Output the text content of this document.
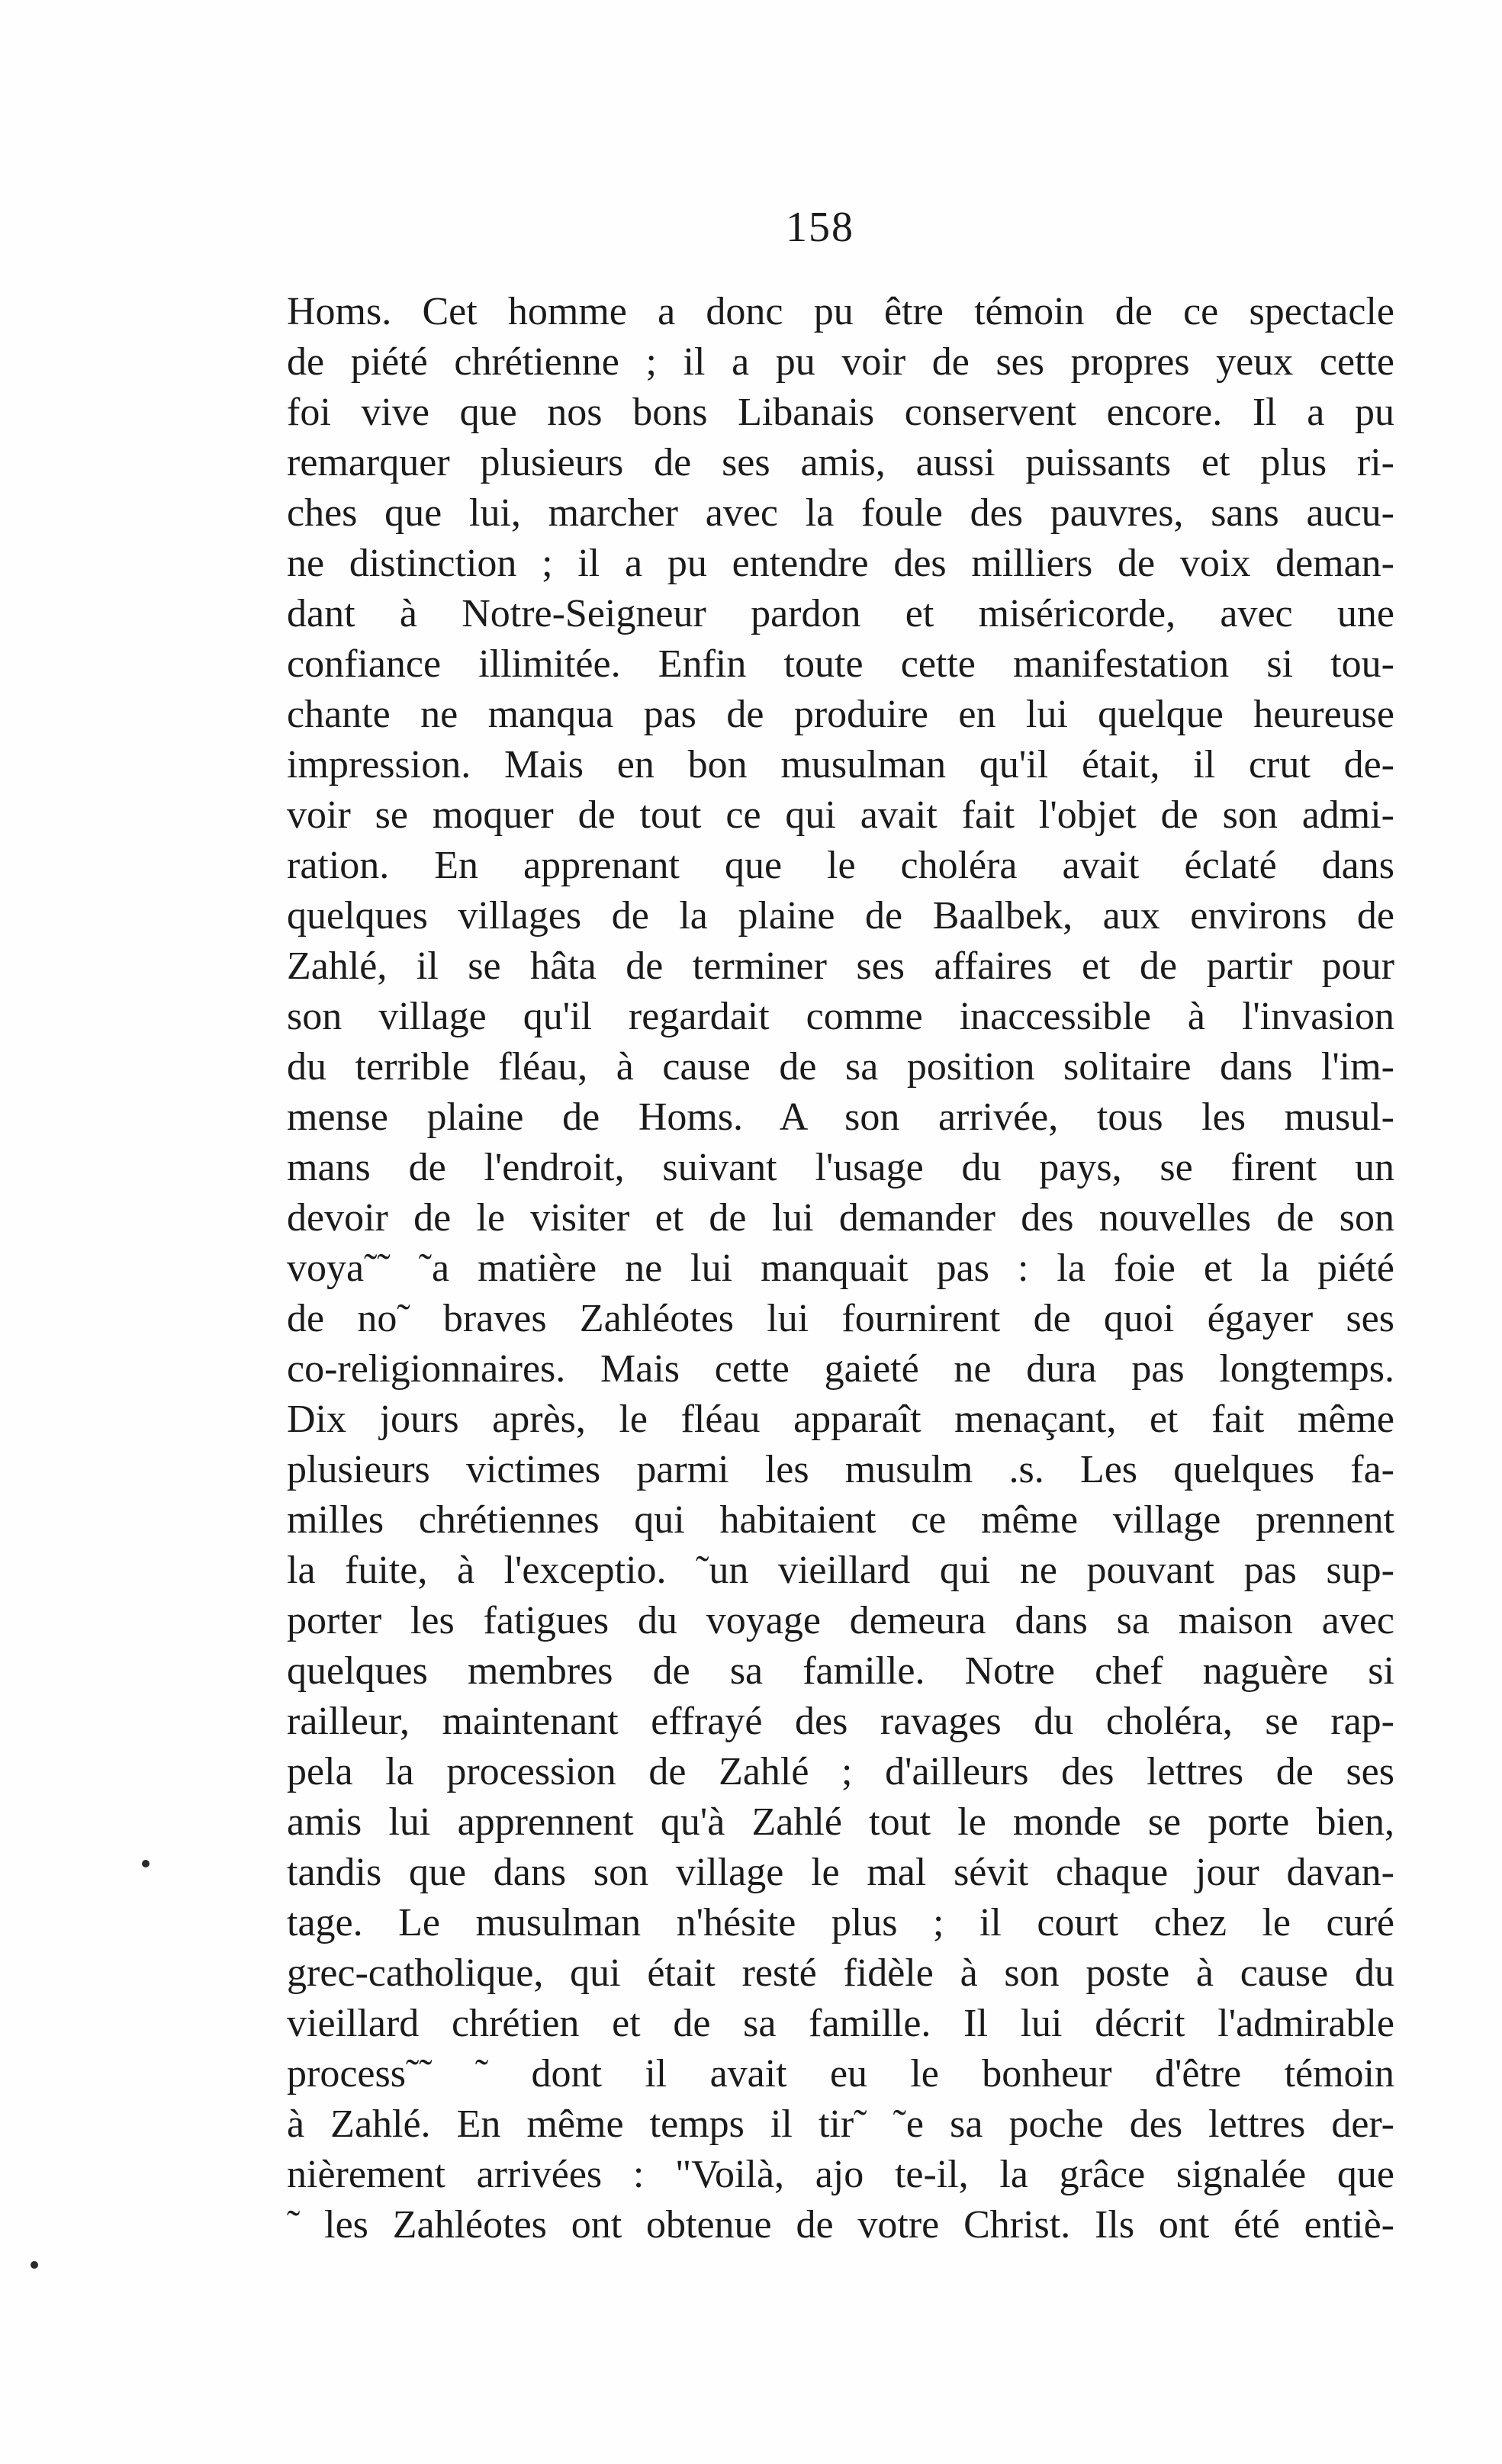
158
Homs. Cet homme a donc pu être témoin de ce spectacle
de piété chrétienne ; il a pu voir de ses propres yeux cette
foi vive que nos bons Libanais conservent encore. Il a pu
remarquer plusieurs de ses amis, aussi puissants et plus ri-
ches que lui, marcher avec la foule des pauvres, sans aucu-
ne distinction ; il a pu entendre des milliers de voix deman-
dant à Notre-Seigneur pardon et miséricorde, avec une
confiance illimitée. Enfin toute cette manifestation si tou-
chante ne manqua pas de produire en lui quelque heureuse
impression. Mais en bon musulman qu'il était, il crut de-
voir se moquer de tout ce qui avait fait l'objet de son admi-
ration. En apprenant que le choléra avait éclaté dans
quelques villages de la plaine de Baalbek, aux environs de
Zahlé, il se hâta de terminer ses affaires et de partir pour
son village qu'il regardait comme inaccessible à l'invasion
du terrible fléau, à cause de sa position solitaire dans l'im-
mense plaine de Homs. A son arrivée, tous les musul-
mans de l'endroit, suivant l'usage du pays, se firent un
devoir de le visiter et de lui demander des nouvelles de son
voya˜˜ ˜a matière ne lui manquait pas : la foie et la piété
de no˜ braves Zahléotes lui fournirent de quoi égayer ses
co-religionnaires. Mais cette gaieté ne dura pas longtemps.
Dix jours après, le fléau apparaît menaçant, et fait même
plusieurs victimes parmi les musulm .s. Les quelques fa-
milles chrétiennes qui habitaient ce même village prennent
la fuite, à l'exceptio. ˜un vieillard qui ne pouvant pas sup-
porter les fatigues du voyage demeura dans sa maison avec
quelques membres de sa famille. Notre chef naguère si
railleur, maintenant effrayé des ravages du choléra, se rap-
pela la procession de Zahlé ; d'ailleurs des lettres de ses
amis lui apprennent qu'à Zahlé tout le monde se porte bien,
tandis que dans son village le mal sévit chaque jour davan-
tage. Le musulman n'hésite plus ; il court chez le curé
grec-catholique, qui était resté fidèle à son poste à cause du
vieillard chrétien et de sa famille. Il lui décrit l'admirable
process˜˜ ˜ dont il avait eu le bonheur d'être témoin
à Zahlé. En même temps il tir˜ ˜e sa poche des lettres der-
nièrement arrivées : "Voilà, ajo te-il, la grâce signalée que
˜ les Zahléotes ont obtenue de votre Christ. Ils ont été entiè-
